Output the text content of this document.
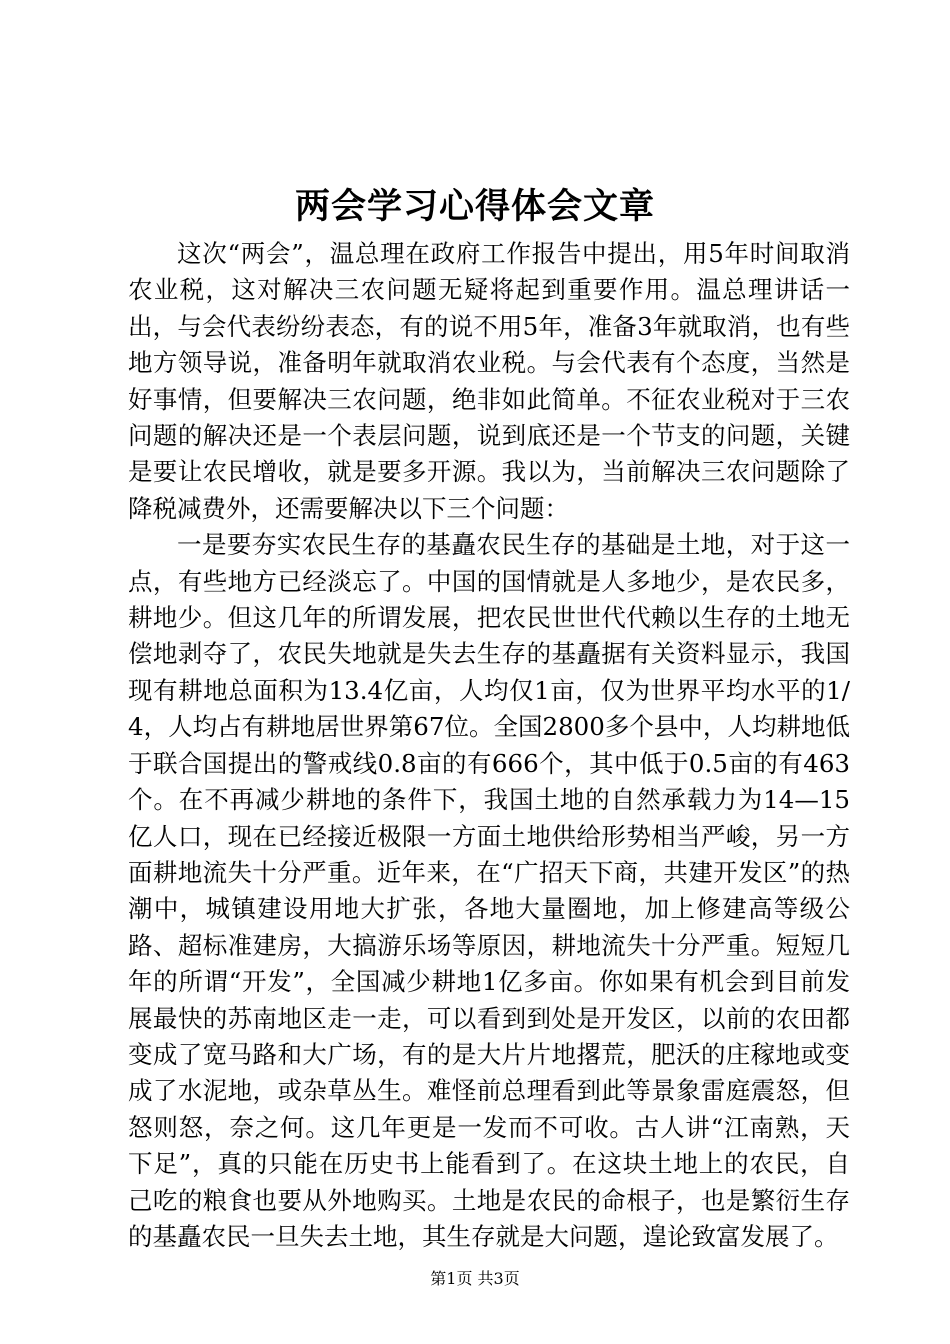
两会学习心得体会文章

这次“两会”，温总理在政府工作报告中提出，用5年时间取消农业税，这对解决三农问题无疑将起到重要作用。温总理讲话一出，与会代表纷纷表态，有的说不用5年，准备3年就取消，也有些地方领导说，准备明年就取消农业税。与会代表有个态度，当然是好事情，但要解决三农问题，绝非如此简单。不征农业税对于三农问题的解决还是一个表层问题，说到底还是一个节支的问题，关键是要让农民增收，就是要多开源。我以为，当前解决三农问题除了降税减费外，还需要解决以下三个问题：

一是要夯实农民生存的基矗农民生存的基础是土地，对于这一点，有些地方已经淡忘了。中国的国情就是人多地少，是农民多，耕地少。但这几年的所谓发展，把农民世世代代赖以生存的土地无偿地剥夺了，农民失地就是失去生存的基矗据有关资料显示，我国现有耕地总面积为13.4亿亩，人均仅1亩，仅为世界平均水平的1/4，人均占有耕地居世界第67位。全国2800多个县中，人均耕地低于联合国提出的警戒线0.8亩的有666个，其中低于0.5亩的有463个。在不再减少耕地的条件下，我国土地的自然承载力为14—15亿人口，现在已经接近极限一方面土地供给形势相当严峻，另一方面耕地流失十分严重。近年来，在“广招天下商，共建开发区”的热潮中，城镇建设用地大扩张，各地大量圈地，加上修建高等级公路、超标准建房，大搞游乐场等原因，耕地流失十分严重。短短几年的所谓“开发”，全国减少耕地1亿多亩。你如果有机会到目前发展最快的苏南地区走一走，可以看到到处是开发区，以前的农田都变成了宽马路和大广场，有的是大片片地撂荒，肥沃的庄稼地或变成了水泥地，或杂草丛生。难怪前总理看到此等景象雷庭震怒，但怒则怒，奈之何。这几年更是一发而不可收。古人讲“江南熟，天下足”，真的只能在历史书上能看到了。在这块土地上的农民，自己吃的粮食也要从外地购买。土地是农民的命根子，也是繁衍生存的基矗农民一旦失去土地，其生存就是大问题，遑论致富发展了。

第1页 共3页
